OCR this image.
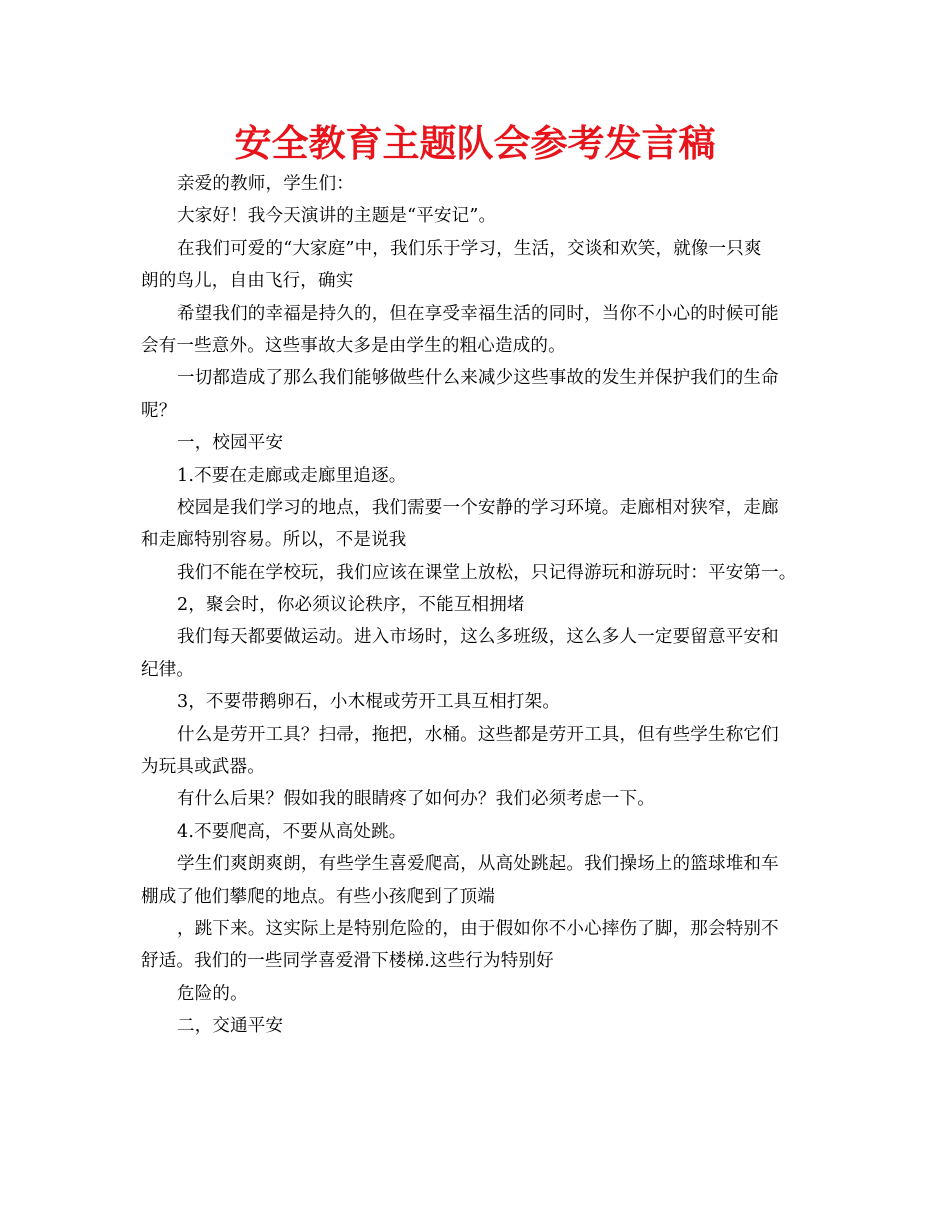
安全教育主题队会参考发言稿
亲爱的教师，学生们：
大家好！我今天演讲的主题是“平安记”。
在我们可爱的“大家庭”中，我们乐于学习，生活，交谈和欢笑，就像一只爽
朗的鸟儿，自由飞行，确实
希望我们的幸福是持久的，但在享受幸福生活的同时，当你不小心的时候可能
会有一些意外。这些事故大多是由学生的粗心造成的。
一切都造成了那么我们能够做些什么来减少这些事故的发生并保护我们的生命
呢？
一，校园平安
1.不要在走廊或走廊里追逐。
校园是我们学习的地点，我们需要一个安静的学习环境。走廊相对狭窄，走廊
和走廊特别容易。所以，不是说我
我们不能在学校玩，我们应该在课堂上放松，只记得游玩和游玩时：平安第一。
2，聚会时，你必须议论秩序，不能互相拥堵
我们每天都要做运动。进入市场时，这么多班级，这么多人一定要留意平安和
纪律。
3，不要带鹅卵石，小木棍或劳开工具互相打架。
什么是劳开工具？扫帚，拖把，水桶。这些都是劳开工具，但有些学生称它们
为玩具或武器。
有什么后果？假如我的眼睛疼了如何办？我们必须考虑一下。
4.不要爬高，不要从高处跳。
学生们爽朗爽朗，有些学生喜爱爬高，从高处跳起。我们操场上的篮球堆和车
棚成了他们攀爬的地点。有些小孩爬到了顶端
，跳下来。这实际上是特别危险的，由于假如你不小心摔伤了脚，那会特别不
舒适。我们的一些同学喜爱滑下楼梯.这些行为特别好
危险的。
二，交通平安
